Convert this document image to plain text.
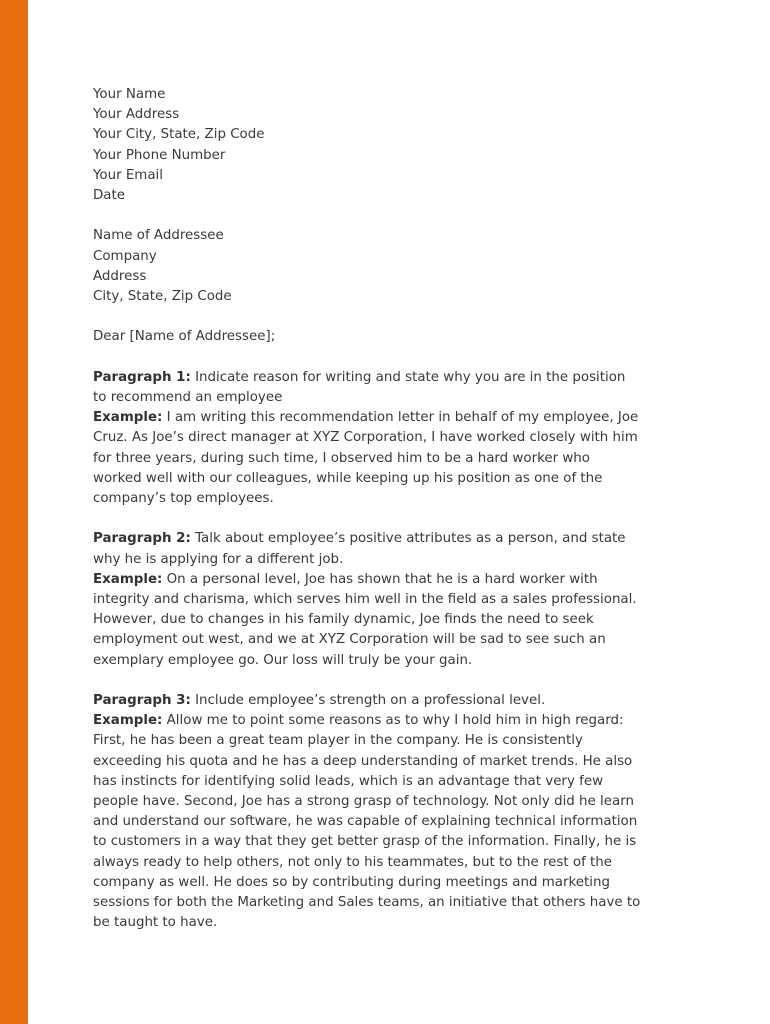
Your Name
Your Address
Your City, State, Zip Code
Your Phone Number
Your Email
Date
Name of Addressee
Company
Address
City, State, Zip Code
Dear [Name of Addressee];
Paragraph 1: Indicate reason for writing and state why you are in the position
to recommend an employee
Example: I am writing this recommendation letter in behalf of my employee, Joe
Cruz. As Joe’s direct manager at XYZ Corporation, I have worked closely with him
for three years, during such time, I observed him to be a hard worker who
worked well with our colleagues, while keeping up his position as one of the
company’s top employees.
Paragraph 2: Talk about employee’s positive attributes as a person, and state
why he is applying for a different job.
Example: On a personal level, Joe has shown that he is a hard worker with
integrity and charisma, which serves him well in the field as a sales professional.
However, due to changes in his family dynamic, Joe finds the need to seek
employment out west, and we at XYZ Corporation will be sad to see such an
exemplary employee go. Our loss will truly be your gain.
Paragraph 3: Include employee’s strength on a professional level.
Example: Allow me to point some reasons as to why I hold him in high regard:
First, he has been a great team player in the company. He is consistently
exceeding his quota and he has a deep understanding of market trends. He also
has instincts for identifying solid leads, which is an advantage that very few
people have. Second, Joe has a strong grasp of technology. Not only did he learn
and understand our software, he was capable of explaining technical information
to customers in a way that they get better grasp of the information. Finally, he is
always ready to help others, not only to his teammates, but to the rest of the
company as well. He does so by contributing during meetings and marketing
sessions for both the Marketing and Sales teams, an initiative that others have to
be taught to have.
